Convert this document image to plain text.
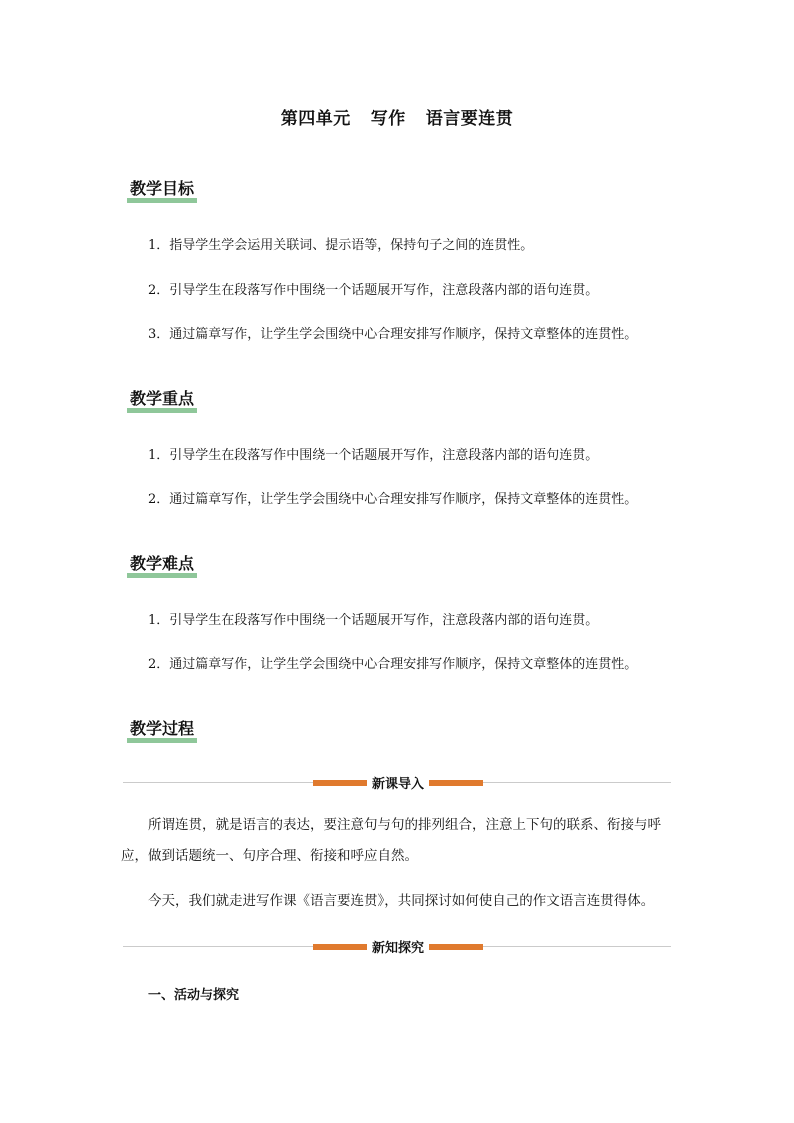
第四单元 写作 语言要连贯
教学目标
1．指导学生学会运用关联词、提示语等，保持句子之间的连贯性。
2．引导学生在段落写作中围绕一个话题展开写作，注意段落内部的语句连贯。
3．通过篇章写作，让学生学会围绕中心合理安排写作顺序，保持文章整体的连贯性。
教学重点
1．引导学生在段落写作中围绕一个话题展开写作，注意段落内部的语句连贯。
2．通过篇章写作，让学生学会围绕中心合理安排写作顺序，保持文章整体的连贯性。
教学难点
1．引导学生在段落写作中围绕一个话题展开写作，注意段落内部的语句连贯。
2．通过篇章写作，让学生学会围绕中心合理安排写作顺序，保持文章整体的连贯性。
教学过程
新课导入
所谓连贯，就是语言的表达，要注意句与句的排列组合，注意上下句的联系、衔接与呼应，做到话题统一、句序合理、衔接和呼应自然。
今天，我们就走进写作课《语言要连贯》，共同探讨如何使自己的作文语言连贯得体。
新知探究
一、活动与探究
